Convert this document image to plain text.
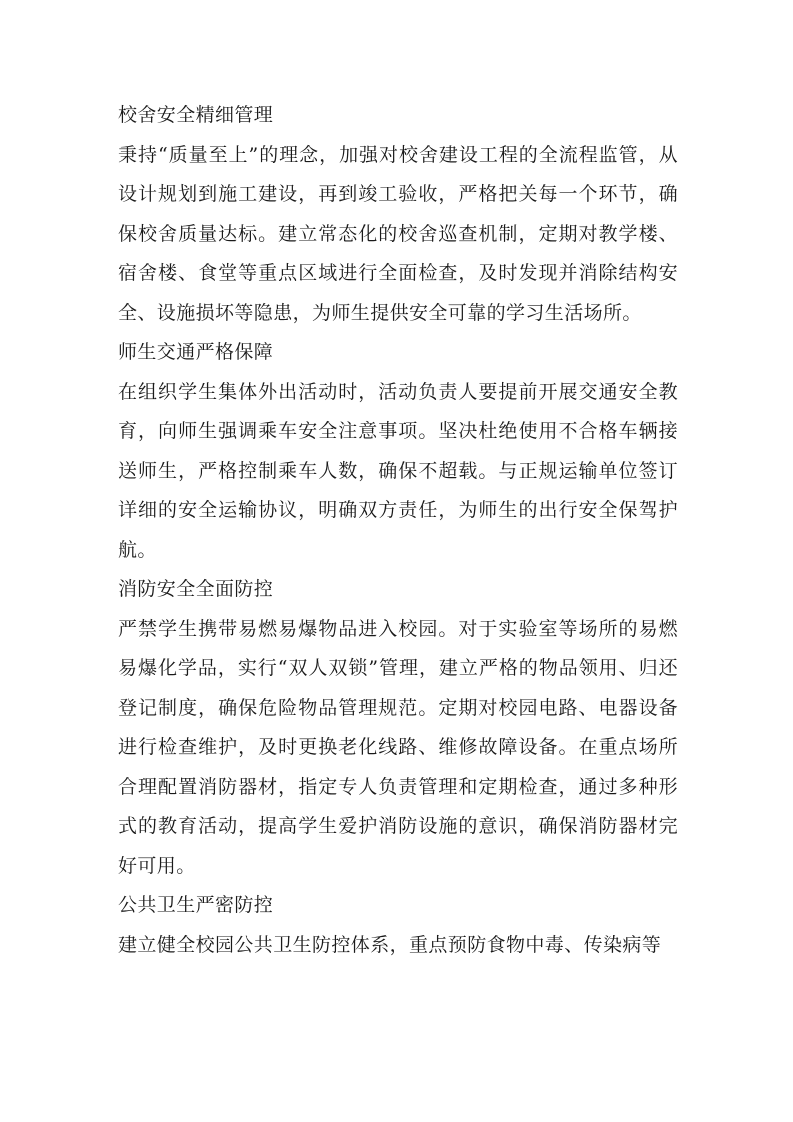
校舍安全精细管理

秉持“质量至上”的理念，加强对校舍建设工程的全流程监管，从设计规划到施工建设，再到竣工验收，严格把关每一个环节，确保校舍质量达标。建立常态化的校舍巡查机制，定期对教学楼、宿舍楼、食堂等重点区域进行全面检查，及时发现并消除结构安全、设施损坏等隐患，为师生提供安全可靠的学习生活场所。

师生交通严格保障

在组织学生集体外出活动时，活动负责人要提前开展交通安全教育，向师生强调乘车安全注意事项。坚决杜绝使用不合格车辆接送师生，严格控制乘车人数，确保不超载。与正规运输单位签订详细的安全运输协议，明确双方责任，为师生的出行安全保驾护航。

消防安全全面防控

严禁学生携带易燃易爆物品进入校园。对于实验室等场所的易燃易爆化学品，实行“双人双锁”管理，建立严格的物品领用、归还登记制度，确保危险物品管理规范。定期对校园电路、电器设备进行检查维护，及时更换老化线路、维修故障设备。在重点场所合理配置消防器材，指定专人负责管理和定期检查，通过多种形式的教育活动，提高学生爱护消防设施的意识，确保消防器材完好可用。

公共卫生严密防控

建立健全校园公共卫生防控体系，重点预防食物中毒、传染病等
